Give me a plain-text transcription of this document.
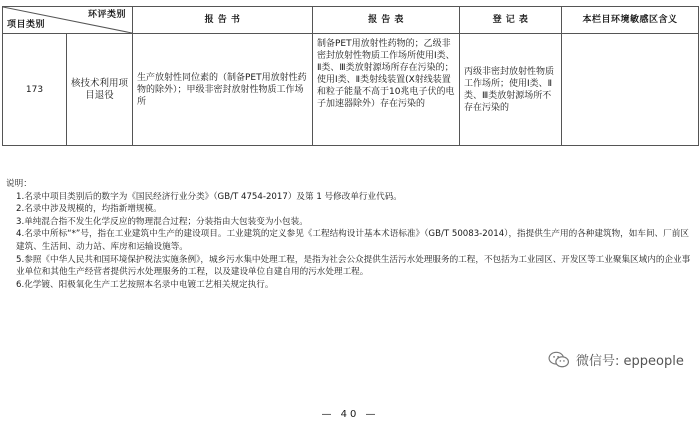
环评类别
项目类别		报 告 书	报 告 表	登 记 表	本栏目环境敏感区含义
173	核技术利用项目退役	生产放射性同位素的（制备PET用放射性药物的除外）；甲级非密封放射性物质工作场所	制备PET用放射性药物的；乙级非密封放射性物质工作场所使用Ⅰ类、Ⅱ类、Ⅲ类放射源场所存在污染的；使用Ⅰ类、Ⅱ类射线装置(X射线装置和粒子能量不高于10兆电子伏的电子加速器除外）存在污染的	丙级非密封放射性物质工作场所；使用Ⅰ类、Ⅱ类、Ⅲ类放射源场所不存在污染的	

说明：

1.名录中项目类别后的数字为《国民经济行业分类》（GB/T 4754-2017）及第 1 号修改单行业代码。

2.名录中涉及规模的，均指新增规模。

3.单纯混合指不发生化学反应的物理混合过程；分装指由大包装变为小包装。

4.名录中所标“*”号，指在工业建筑中生产的建设项目。工业建筑的定义参见《工程结构设计基本术语标准》（GB/T 50083-2014），指提供生产用的各种建筑物，如车间、厂前区建筑、生活间、动力站、库房和运输设施等。

5.参照《中华人民共和国环境保护税法实施条例》，城乡污水集中处理工程，是指为社会公众提供生活污水处理服务的工程，不包括为工业园区、开发区等工业聚集区域内的企业事业单位和其他生产经营者提供污水处理服务的工程，以及建设单位自建自用的污水处理工程。

6.化学镀、阳极氧化生产工艺按照本名录中电镀工艺相关规定执行。

微信号: eppeople
— 40 —
